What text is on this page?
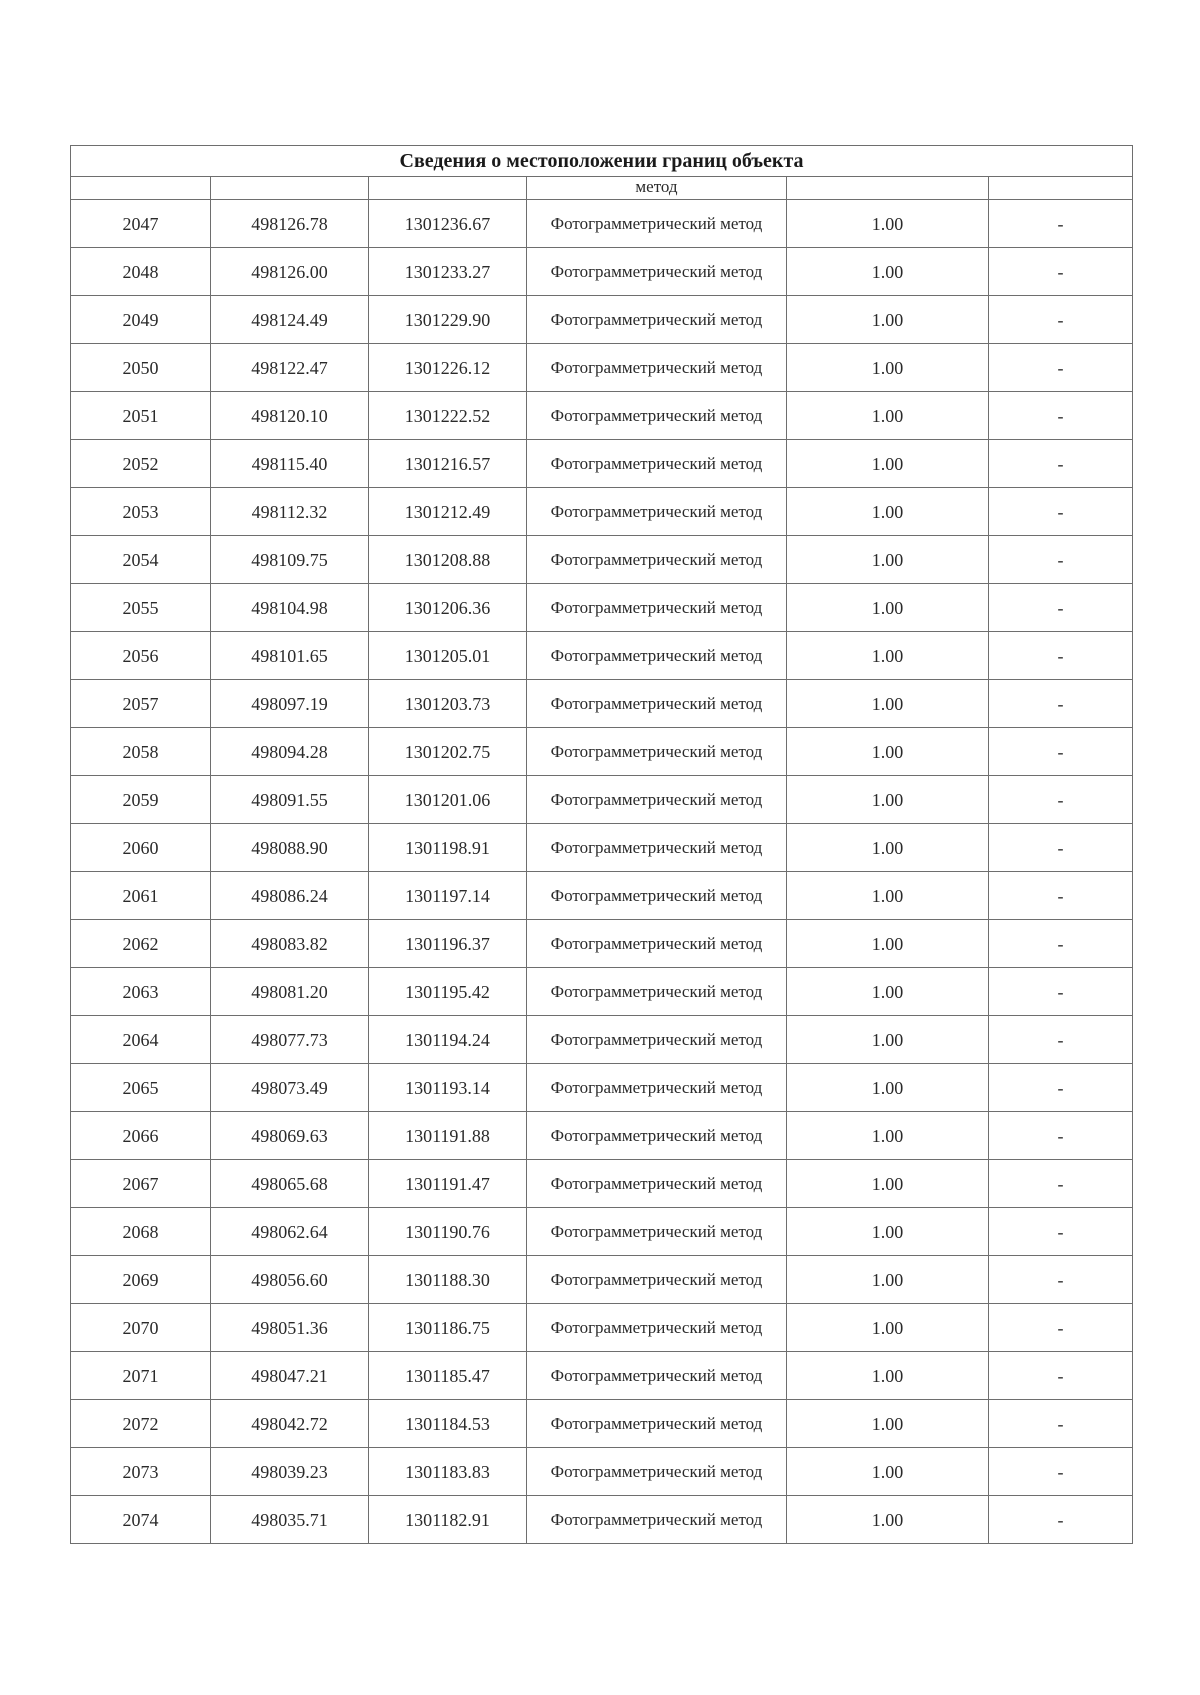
Сведения о местоположении границ объекта					
			метод		
2047	498126.78	1301236.67	Фотограмметрический метод	1.00	-
2048	498126.00	1301233.27	Фотограмметрический метод	1.00	-
2049	498124.49	1301229.90	Фотограмметрический метод	1.00	-
2050	498122.47	1301226.12	Фотограмметрический метод	1.00	-
2051	498120.10	1301222.52	Фотограмметрический метод	1.00	-
2052	498115.40	1301216.57	Фотограмметрический метод	1.00	-
2053	498112.32	1301212.49	Фотограмметрический метод	1.00	-
2054	498109.75	1301208.88	Фотограмметрический метод	1.00	-
2055	498104.98	1301206.36	Фотограмметрический метод	1.00	-
2056	498101.65	1301205.01	Фотограмметрический метод	1.00	-
2057	498097.19	1301203.73	Фотограмметрический метод	1.00	-
2058	498094.28	1301202.75	Фотограмметрический метод	1.00	-
2059	498091.55	1301201.06	Фотограмметрический метод	1.00	-
2060	498088.90	1301198.91	Фотограмметрический метод	1.00	-
2061	498086.24	1301197.14	Фотограмметрический метод	1.00	-
2062	498083.82	1301196.37	Фотограмметрический метод	1.00	-
2063	498081.20	1301195.42	Фотограмметрический метод	1.00	-
2064	498077.73	1301194.24	Фотограмметрический метод	1.00	-
2065	498073.49	1301193.14	Фотограмметрический метод	1.00	-
2066	498069.63	1301191.88	Фотограмметрический метод	1.00	-
2067	498065.68	1301191.47	Фотограмметрический метод	1.00	-
2068	498062.64	1301190.76	Фотограмметрический метод	1.00	-
2069	498056.60	1301188.30	Фотограмметрический метод	1.00	-
2070	498051.36	1301186.75	Фотограмметрический метод	1.00	-
2071	498047.21	1301185.47	Фотограмметрический метод	1.00	-
2072	498042.72	1301184.53	Фотограмметрический метод	1.00	-
2073	498039.23	1301183.83	Фотограмметрический метод	1.00	-
2074	498035.71	1301182.91	Фотограмметрический метод	1.00	-
